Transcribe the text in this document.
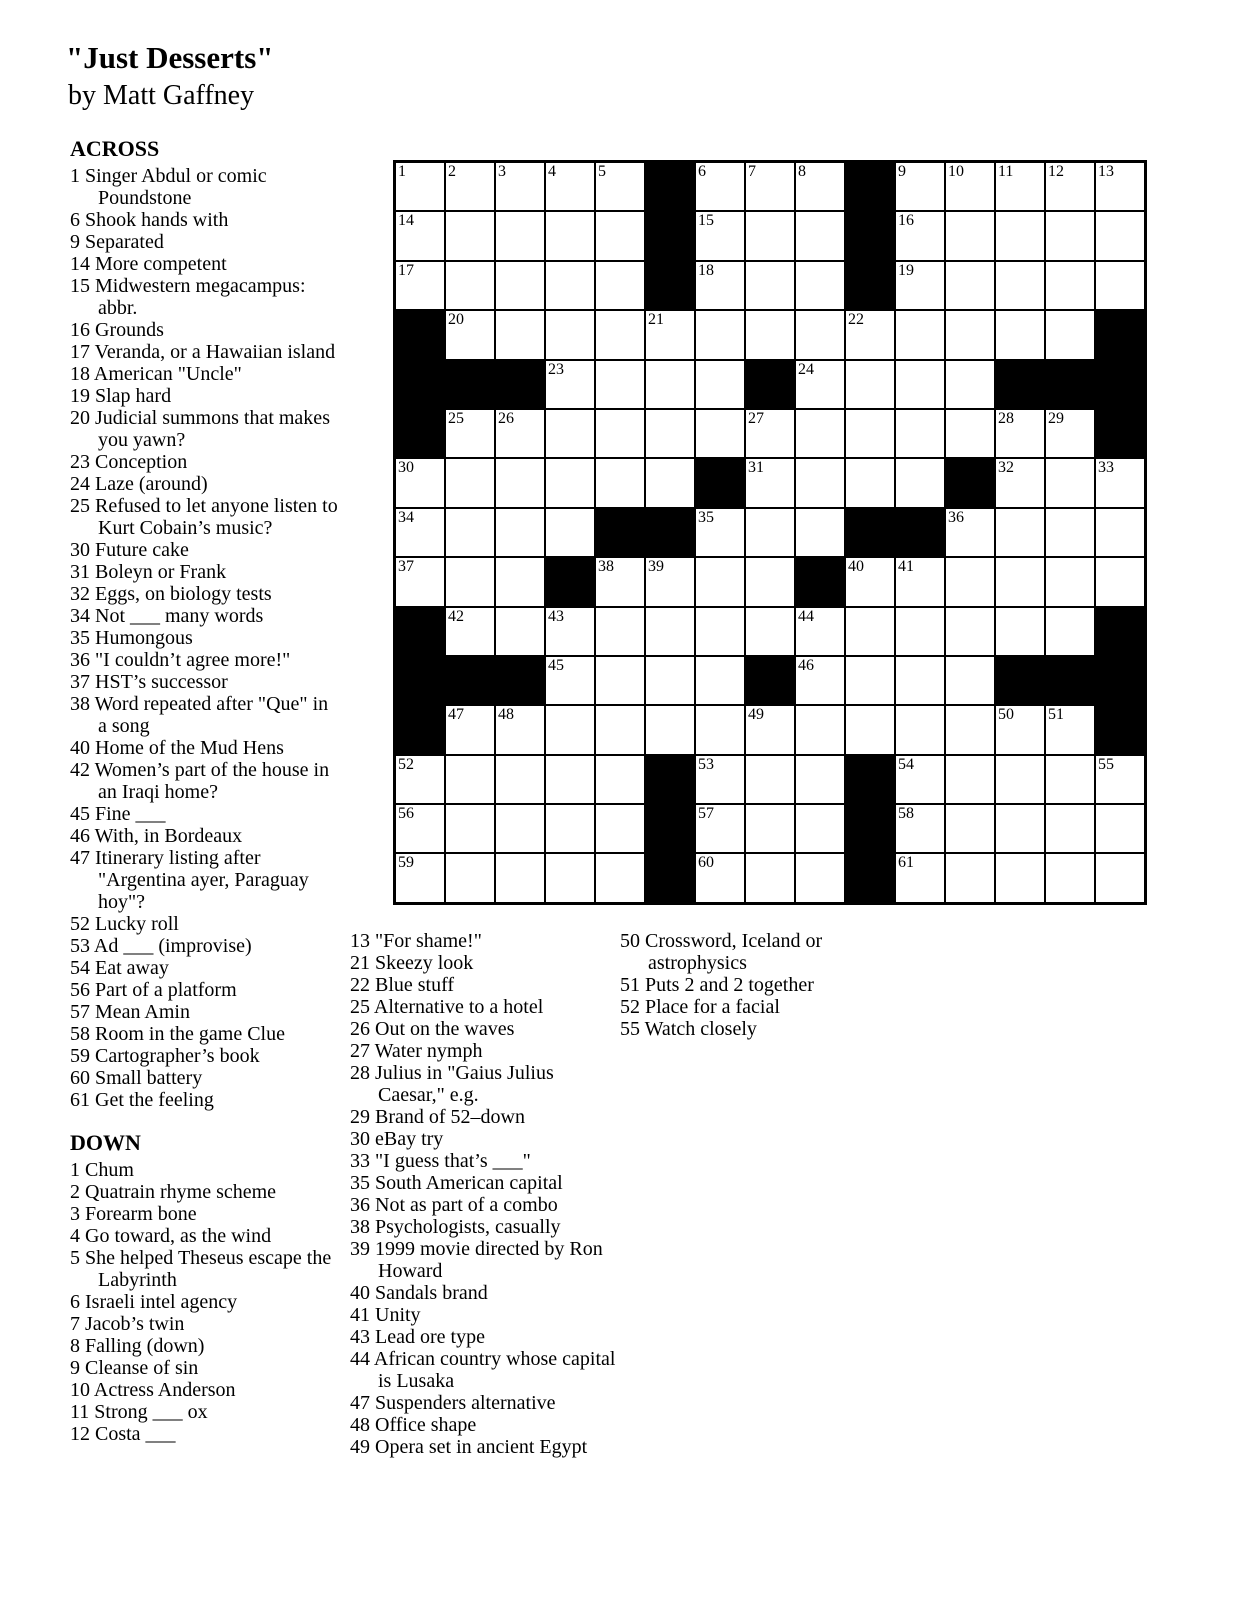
"Just Desserts"
by Matt Gaffney
1	2	3	4	5	6	7	8	9	10 11 12 13
14	15	16
17	18	19
20	21	22
23	24
25 26	27	28 29
30	31	32	33
34	35	36
37	38 39	40 41
42	43	44
45	46
47 48	49	50 51
52	53	54	55
56	57	58
59	60	61
ACROSS
1 Singer Abdul or comic Poundstone
6 Shook hands with
9 Separated
14 More competent
15 Midwestern megacampus: abbr.
16 Grounds
17 Veranda, or a Hawaiian island
18 American "Uncle"
19 Slap hard
20 Judicial summons that makes you yawn?
23 Conception
24 Laze (around)
25 Refused to let anyone listen to Kurt Cobain’s music?
30 Future cake
31 Boleyn or Frank
32 Eggs, on biology tests
34 Not ___ many words
35 Humongous
36 "I couldn’t agree more!"
37 HST’s successor
38 Word repeated after "Que" in a song
40 Home of the Mud Hens
42 Women’s part of the house in an Iraqi home?
45 Fine ___
46 With, in Bordeaux
47 Itinerary listing after "Argentina ayer, Paraguay hoy"?
52 Lucky roll
53 Ad ___ (improvise)
54 Eat away
56 Part of a platform
57 Mean Amin
58 Room in the game Clue
59 Cartographer’s book
60 Small battery
61 Get the feeling
DOWN
1 Chum
2 Quatrain rhyme scheme
3 Forearm bone
4 Go toward, as the wind
5 She helped Theseus escape the Labyrinth
6 Israeli intel agency
7 Jacob’s twin
8 Falling (down)
9 Cleanse of sin
10 Actress Anderson
11 Strong ___ ox
12 Costa ___
13 "For shame!"
21 Skeezy look
22 Blue stuff
25 Alternative to a hotel
26 Out on the waves
27 Water nymph
28 Julius in "Gaius Julius Caesar," e.g.
29 Brand of 52–down
30 eBay try
33 "I guess that’s ___"
35 South American capital
36 Not as part of a combo
38 Psychologists, casually
39 1999 movie directed by Ron Howard
40 Sandals brand
41 Unity
43 Lead ore type
44 African country whose capital is Lusaka
47 Suspenders alternative
48 Office shape
49 Opera set in ancient Egypt
50 Crossword, Iceland or astrophysics
51 Puts 2 and 2 together
52 Place for a facial
55 Watch closely
